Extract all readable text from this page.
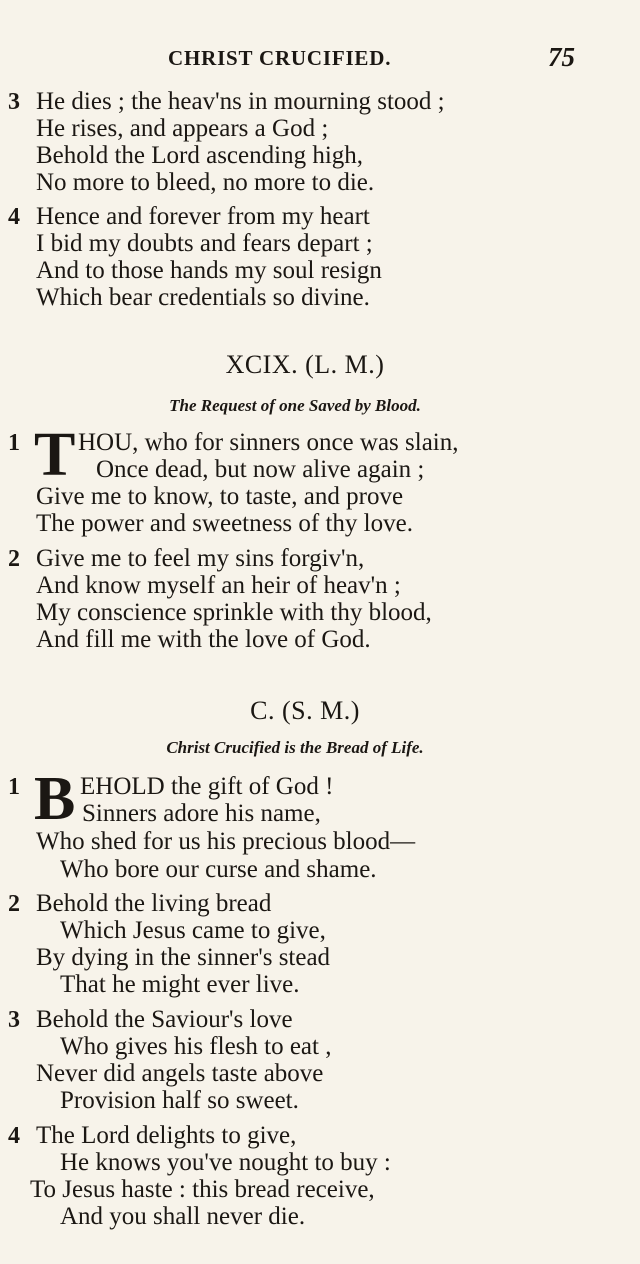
CHRIST CRUCIFIED.	75
3 He dies ; the heav'ns in mourning stood ;
He rises, and appears a God ;
Behold the Lord ascending high,
No more to bleed, no more to die.
4 Hence and forever from my heart
I bid my doubts and fears depart ;
And to those hands my soul resign
Which bear credentials so divine.
XCIX. (L. M.)
The Request of one Saved by Blood.
1 T HOU, who for sinners once was slain,
Once dead, but now alive again ;
Give me to know, to taste, and prove
The power and sweetness of thy love.
2 Give me to feel my sins forgiv'n,
And know myself an heir of heav'n ;
My conscience sprinkle with thy blood,
And fill me with the love of God.
C. (S. M.)
Christ Crucified is the Bread of Life.
1 B EHOLD the gift of God !
Sinners adore his name,
Who shed for us his precious blood—
Who bore our curse and shame.
2 Behold the living bread
Which Jesus came to give,
By dying in the sinner's stead
That he might ever live.
3 Behold the Saviour's love
Who gives his flesh to eat ,
Never did angels taste above
Provision half so sweet.
4 The Lord delights to give,
He knows you've nought to buy :
To Jesus haste : this bread receive,
And you shall never die.
